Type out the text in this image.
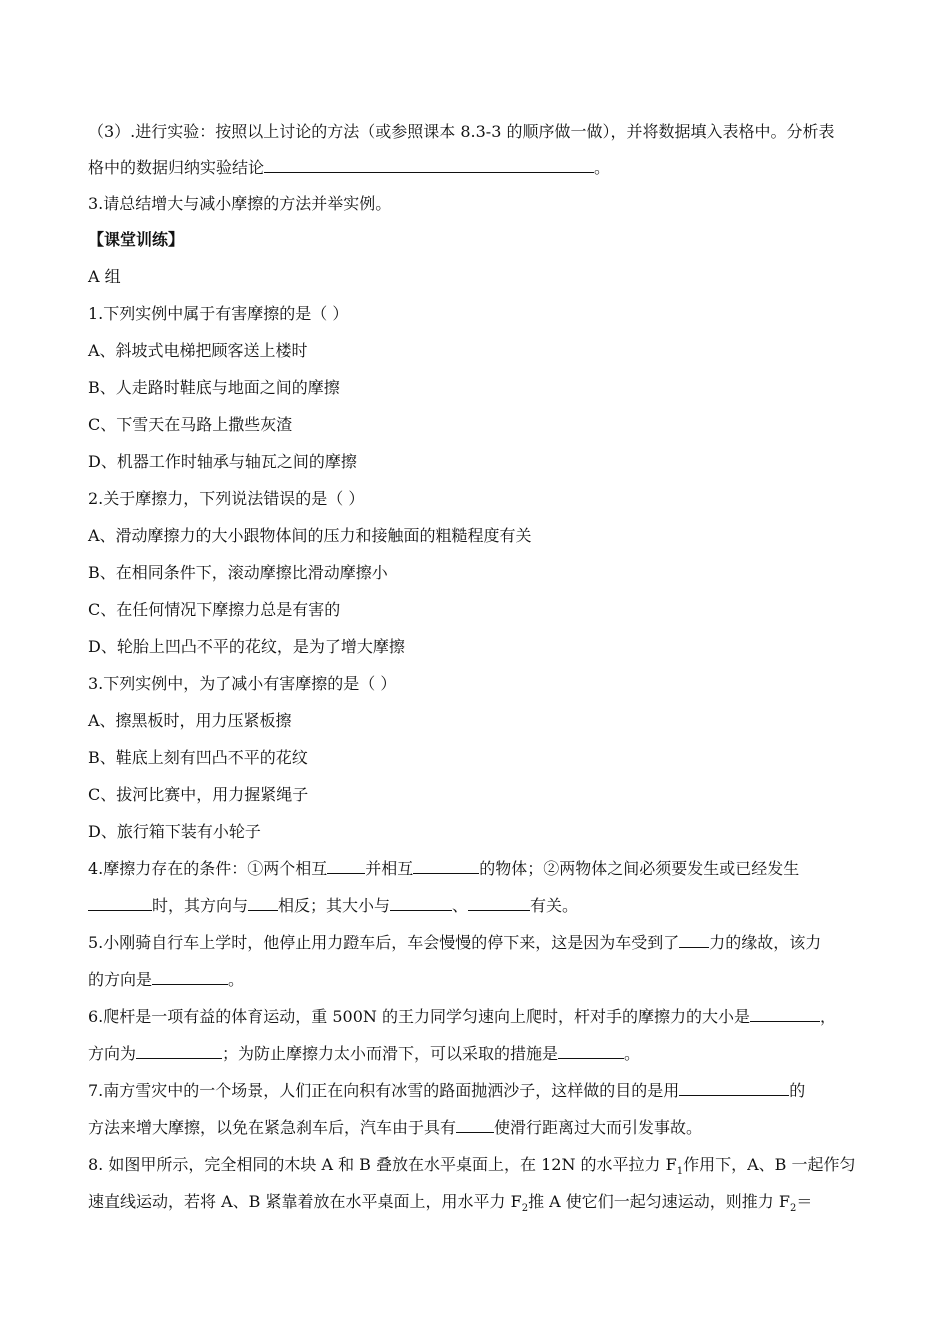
（3）.进行实验：按照以上讨论的方法（或参照课本 8.3-3 的顺序做一做），并将数据填入表格中。分析表
格中的数据归纳实验结论	。
3.请总结增大与减小摩擦的方法并举实例。
【课堂训练】
A 组
1.下列实例中属于有害摩擦的是（ ）
A、斜坡式电梯把顾客送上楼时
B、人走路时鞋底与地面之间的摩擦
C、下雪天在马路上撒些灰渣
D、机器工作时轴承与轴瓦之间的摩擦
2.关于摩擦力，下列说法错误的是（ ）
A、滑动摩擦力的大小跟物体间的压力和接触面的粗糙程度有关
B、在相同条件下，滚动摩擦比滑动摩擦小
C、在任何情况下摩擦力总是有害的
D、轮胎上凹凸不平的花纹，是为了增大摩擦
3.下列实例中，为了减小有害摩擦的是（ ）
A、擦黑板时，用力压紧板擦
B、鞋底上刻有凹凸不平的花纹
C、拔河比赛中，用力握紧绳子
D、旅行箱下装有小轮子
4.摩擦力存在的条件：①两个相互 并相互	的物体；②两物体之间必须要发生或已经发生
时，其方向与 相反；其大小与	、	有关。
5.小刚骑自行车上学时，他停止用力蹬车后，车会慢慢的停下来，这是因为车受到了 力的缘故，该力
的方向是	。
6.爬杆是一项有益的体育运动，重 500N 的王力同学匀速向上爬时，杆对手的摩擦力的大小是	，
方向为	；为防止摩擦力太小而滑下，可以采取的措施是	。
7.南方雪灾中的一个场景，人们正在向积有冰雪的路面抛洒沙子，这样做的目的是用	的
方法来增大摩擦，以免在紧急刹车后，汽车由于具有 使滑行距离过大而引发事故。
8. 如图甲所示，完全相同的木块 A 和 B 叠放在水平桌面上，在 12N 的水平拉力 $F_1$作用下，A、B 一起作匀
速直线运动，若将 A、B 紧靠着放在水平桌面上，用水平力 $F_2$推 A 使它们一起匀速运动，则推力 $F_2=$
